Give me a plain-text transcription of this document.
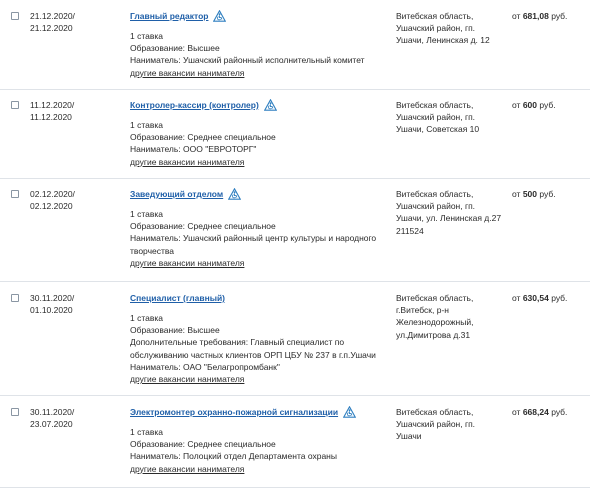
21.12.2020/
21.12.2020
Главный редактор
1 ставка
Образование: Высшее
Наниматель: Ушачский районный исполнительный комитет
другие вакансии нанимателя
Витебская область,
Ушачский район, гп.
Ушачи, Ленинская д. 12
от 681,08 руб.
11.12.2020/
11.12.2020
Контролер-кассир (контролер)
1 ставка
Образование: Среднее специальное
Наниматель: ООО "ЕВРОТОРГ"
другие вакансии нанимателя
Витебская область,
Ушачский район, гп.
Ушачи, Советская 10
от 600 руб.
02.12.2020/
02.12.2020
Заведующий отделом
1 ставка
Образование: Среднее специальное
Наниматель: Ушачский районный центр культуры и народного
творчества
другие вакансии нанимателя
Витебская область,
Ушачский район, гп.
Ушачи, ул. Ленинская д.27
211524
от 500 руб.
30.11.2020/
01.10.2020
Специалист (главный)
1 ставка
Образование: Высшее
Дополнительные требования: Главный специалист по
обслуживанию частных клиентов ОРП ЦБУ № 237 в г.п.Ушачи
Наниматель: ОАО "Белагропромбанк"
другие вакансии нанимателя
Витебская область,
г.Витебск, р-н
Железнодорожный,
ул.Димитрова д.31
от 630,54 руб.
30.11.2020/
23.07.2020
Электромонтер охранно-пожарной сигнализации
1 ставка
Образование: Среднее специальное
Наниматель: Полоцкий отдел Департамента охраны
другие вакансии нанимателя
Витебская область,
Ушачский район, гп.
Ушачи
от 668,24 руб.
